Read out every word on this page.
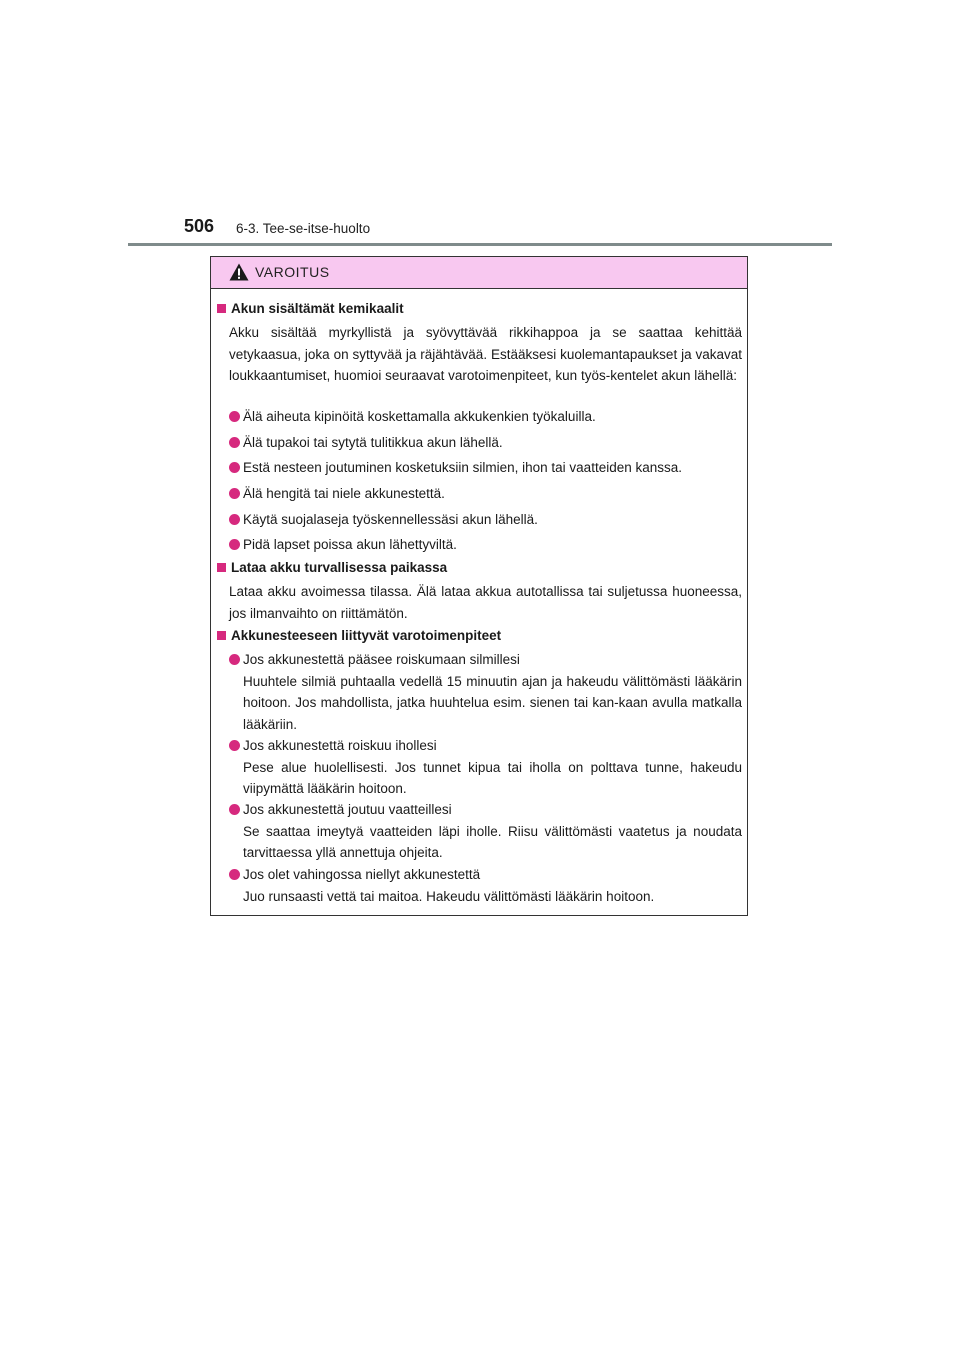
506 6-3. Tee-se-itse-huolto
VAROITUS
Akun sisältämät kemikaalit
Akku sisältää myrkyllistä ja syövyttävää rikkihappoa ja se saattaa kehittää vetykaasua, joka on syttyvää ja räjähtävää. Estääksesi kuolemantapaukset ja vakavat loukkaantumiset, huomioi seuraavat varotoimenpiteet, kun työs-kentelet akun lähellä:
Älä aiheuta kipinöitä koskettamalla akkukenkien työkaluilla.
Älä tupakoi tai sytytä tulitikkua akun lähellä.
Estä nesteen joutuminen kosketuksiin silmien, ihon tai vaatteiden kanssa.
Älä hengitä tai niele akkunestettä.
Käytä suojalaseja työskennellessäsi akun lähellä.
Pidä lapset poissa akun lähettyviltä.
Lataa akku turvallisessa paikassa
Lataa akku avoimessa tilassa. Älä lataa akkua autotallissa tai suljetussa huoneessa, jos ilmanvaihto on riittämätön.
Akkunesteeseen liittyvät varotoimenpiteet
Jos akkunestettä pääsee roiskumaan silmillesi
Huuhtele silmiä puhtaalla vedellä 15 minuutin ajan ja hakeudu välittömästi lääkärin hoitoon. Jos mahdollista, jatka huuhtelua esim. sienen tai kan-kaan avulla matkalla lääkäriin.
Jos akkunestettä roiskuu ihollesi
Pese alue huolellisesti. Jos tunnet kipua tai iholla on polttava tunne, hakeudu viipymättä lääkärin hoitoon.
Jos akkunestettä joutuu vaatteillesi
Se saattaa imeytyä vaatteiden läpi iholle. Riisu välittömästi vaatetus ja noudata tarvittaessa yllä annettuja ohjeita.
Jos olet vahingossa niellyt akkunestettä
Juo runsaasti vettä tai maitoa. Hakeudu välittömästi lääkärin hoitoon.
